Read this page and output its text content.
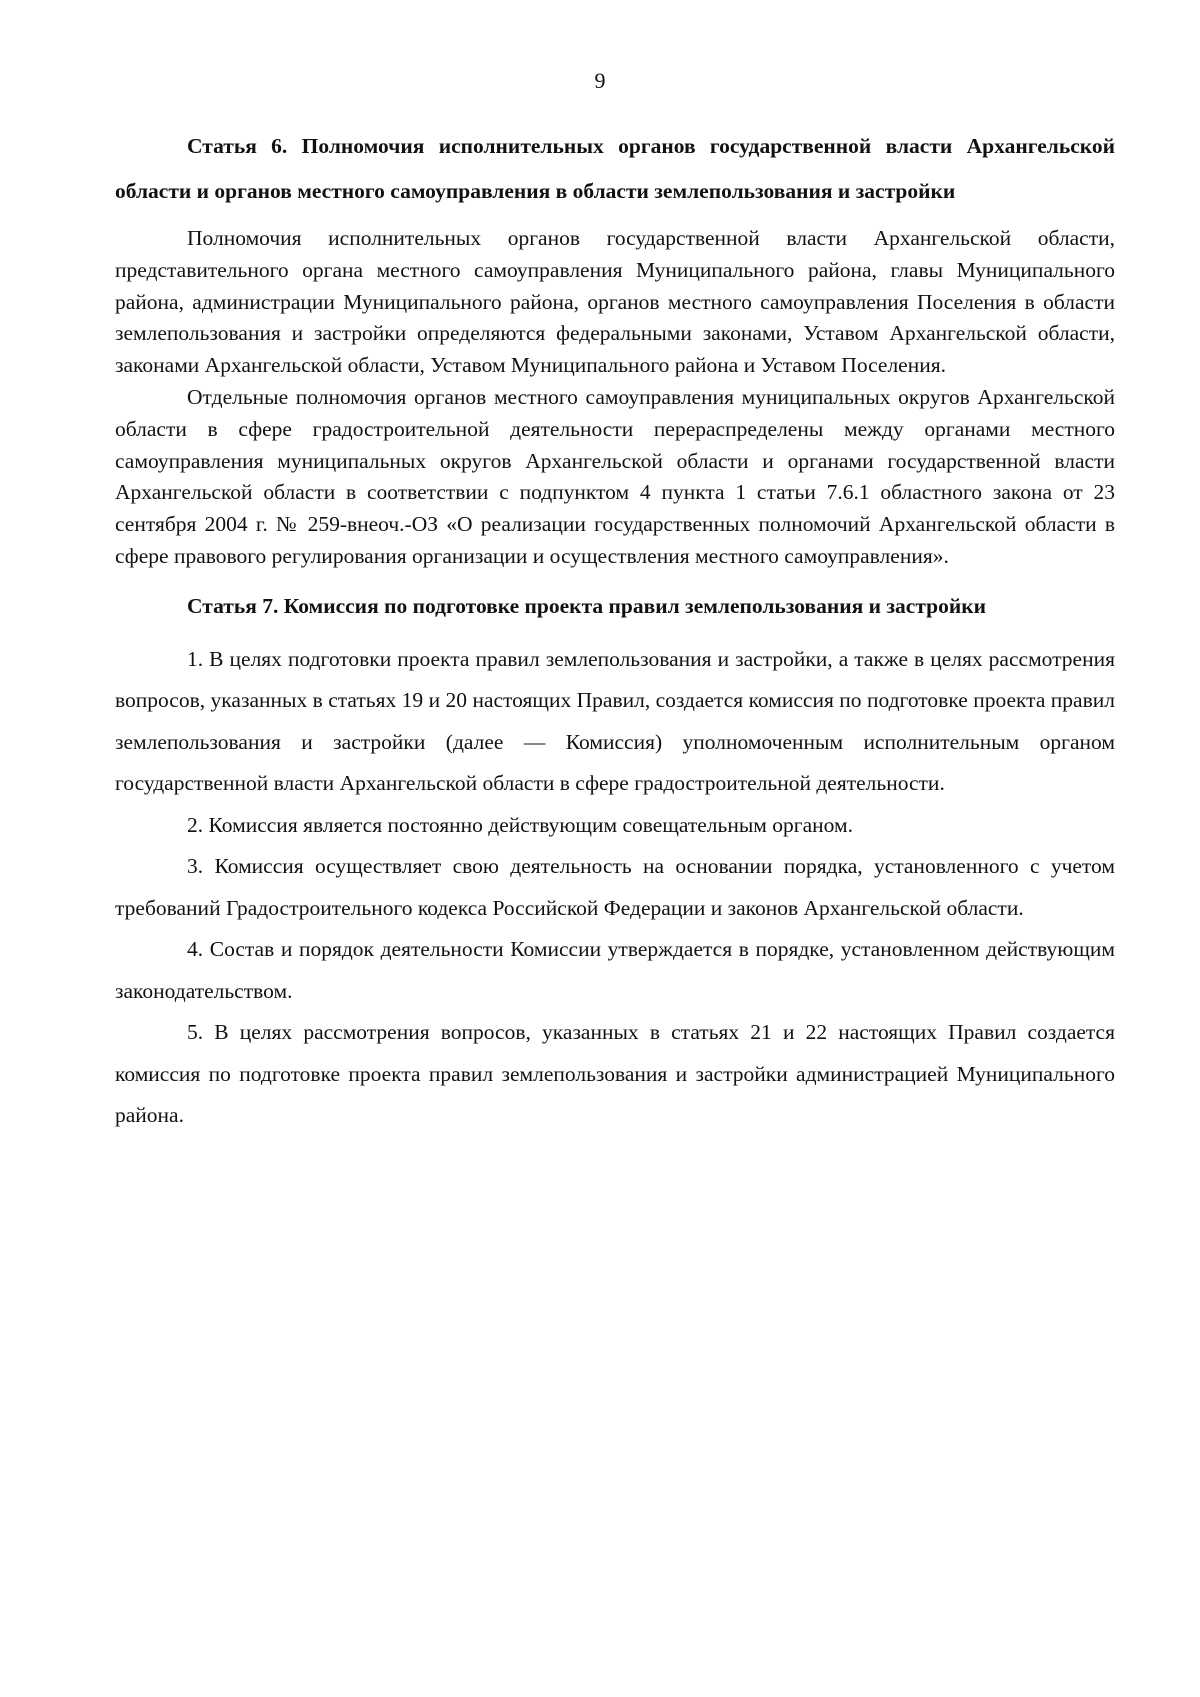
9

Статья 6. Полномочия исполнительных органов государственной власти Архангельской области и органов местного самоуправления в области землепользования и застройки

Полномочия исполнительных органов государственной власти Архангельской области, представительного органа местного самоуправления Муниципального района, главы Муниципального района, администрации Муниципального района, органов местного самоуправления Поселения в области землепользования и застройки определяются федеральными законами, Уставом Архангельской области, законами Архангельской области, Уставом Муниципального района и Уставом Поселения.

Отдельные полномочия органов местного самоуправления муниципальных округов Архангельской области в сфере градостроительной деятельности перераспределены между органами местного самоуправления муниципальных округов Архангельской области и органами государственной власти Архангельской области в соответствии с подпунктом 4 пункта 1 статьи 7.6.1 областного закона от 23 сентября 2004 г. № 259-внеоч.-ОЗ «О реализации государственных полномочий Архангельской области в сфере правового регулирования организации и осуществления местного самоуправления».

Статья 7. Комиссия по подготовке проекта правил землепользования и застройки

1. В целях подготовки проекта правил землепользования и застройки, а также в целях рассмотрения вопросов, указанных в статьях 19 и 20 настоящих Правил, создается комиссия по подготовке проекта правил землепользования и застройки (далее — Комиссия) уполномоченным исполнительным органом государственной власти Архангельской области в сфере градостроительной деятельности.

2. Комиссия является постоянно действующим совещательным органом.

3. Комиссия осуществляет свою деятельность на основании порядка, установленного с учетом требований Градостроительного кодекса Российской Федерации и законов Архангельской области.

4. Состав и порядок деятельности Комиссии утверждается в порядке, установленном действующим законодательством.

5. В целях рассмотрения вопросов, указанных в статьях 21 и 22 настоящих Правил создается комиссия по подготовке проекта правил землепользования и застройки администрацией Муниципального района.
